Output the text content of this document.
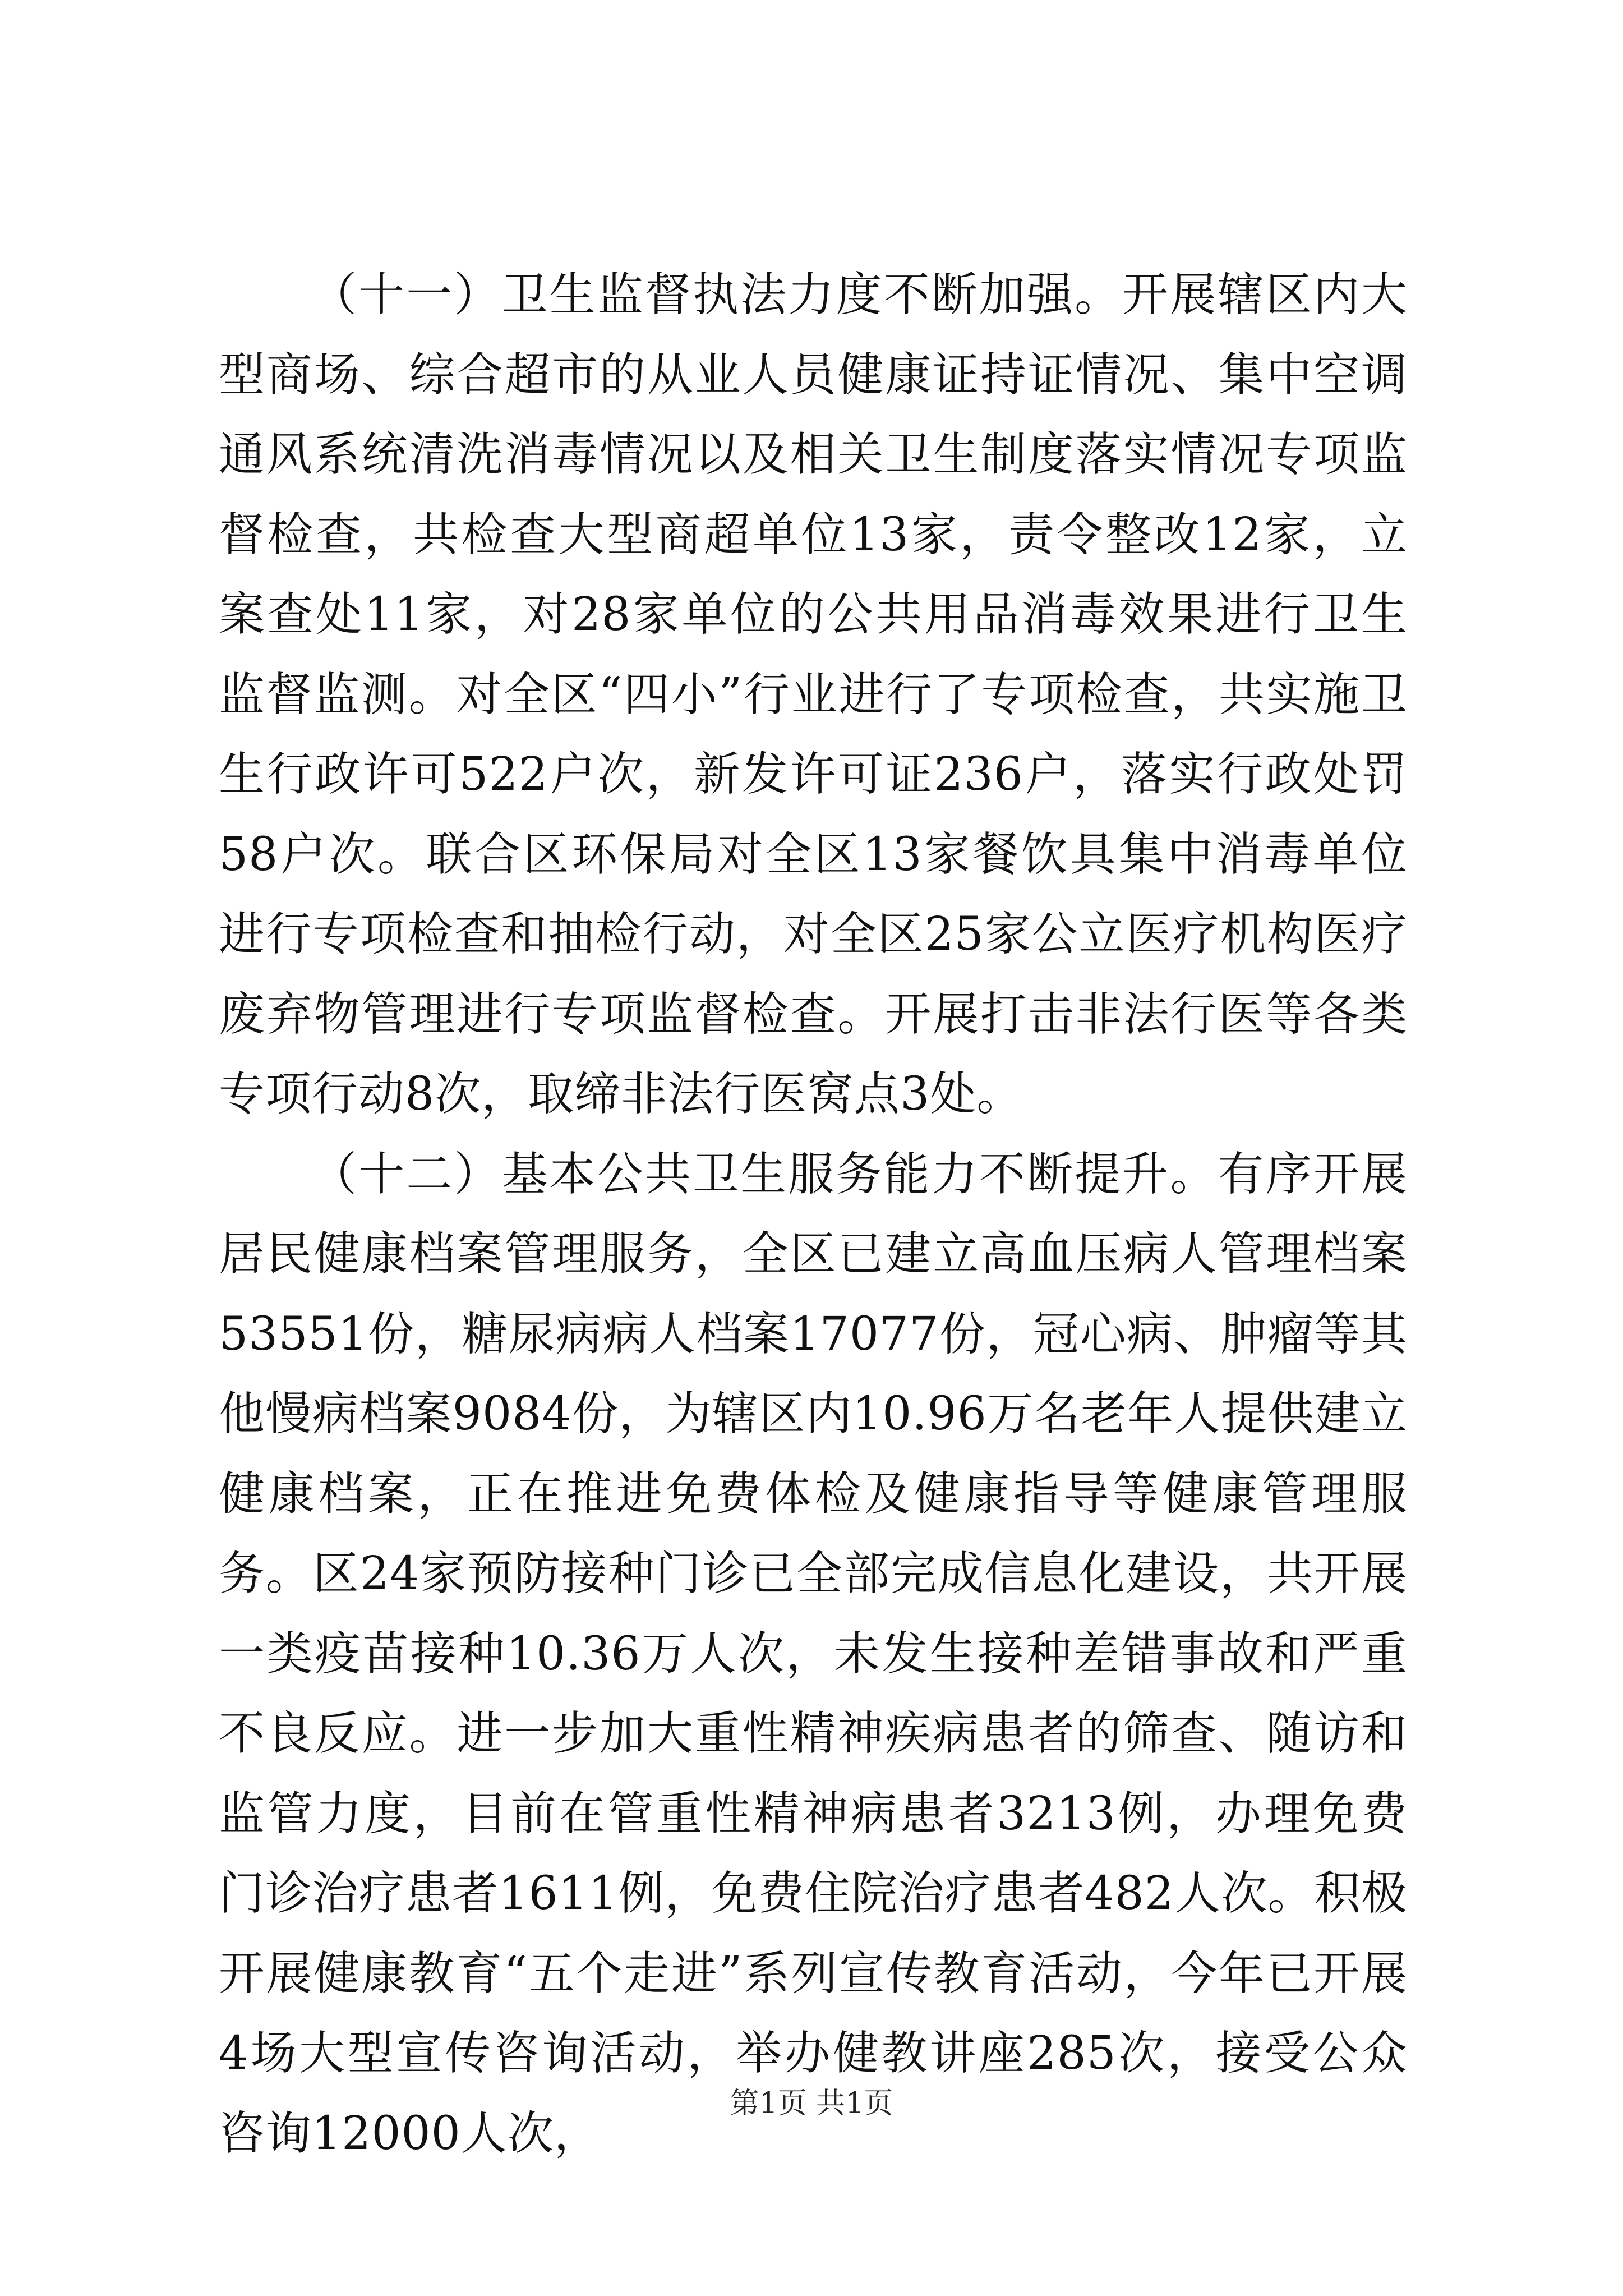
（十一）卫生监督执法力度不断加强。开展辖区内大型商场、综合超市的从业人员健康证持证情况、集中空调通风系统清洗消毒情况以及相关卫生制度落实情况专项监督检查，共检查大型商超单位13家，责令整改12家，立案查处11家，对28家单位的公共用品消毒效果进行卫生监督监测。对全区“四小”行业进行了专项检查，共实施卫生行政许可522户次，新发许可证236户，落实行政处罚58户次。联合区环保局对全区13家餐饮具集中消毒单位进行专项检查和抽检行动，对全区25家公立医疗机构医疗废弃物管理进行专项监督检查。开展打击非法行医等各类专项行动8次，取缔非法行医窝点3处。

（十二）基本公共卫生服务能力不断提升。有序开展居民健康档案管理服务，全区已建立高血压病人管理档案53551份，糖尿病病人档案17077份，冠心病、肿瘤等其他慢病档案9084份，为辖区内10.96万名老年人提供建立健康档案，正在推进免费体检及健康指导等健康管理服务。区24家预防接种门诊已全部完成信息化建设，共开展一类疫苗接种10.36万人次，未发生接种差错事故和严重不良反应。进一步加大重性精神疾病患者的筛查、随访和监管力度，目前在管重性精神病患者3213例，办理免费门诊治疗患者1611例，免费住院治疗患者482人次。积极开展健康教育“五个走进”系列宣传教育活动，今年已开展4场大型宣传咨询活动，举办健教讲座285次，接受公众咨询12000人次，

第1页 共1页
